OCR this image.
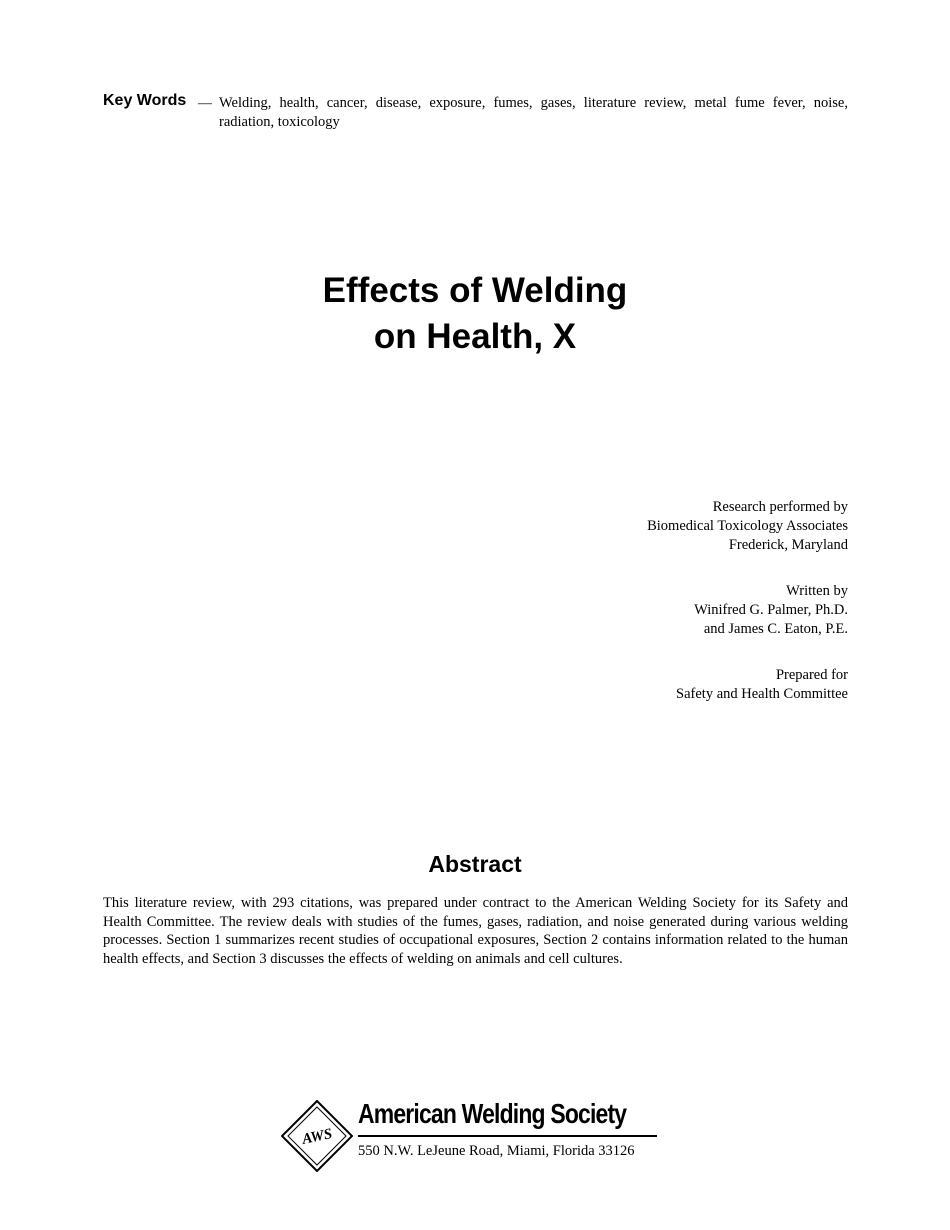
Key Words — Welding, health, cancer, disease, exposure, fumes, gases, literature review, metal fume fever, noise, radiation, toxicology
Effects of Welding
on Health, X
Research performed by
Biomedical Toxicology Associates
Frederick, Maryland
Written by
Winifred G. Palmer, Ph.D.
and James C. Eaton, P.E.
Prepared for
Safety and Health Committee
Abstract

This literature review, with 293 citations, was prepared under contract to the American Welding Society for its Safety and Health Committee. The review deals with studies of the fumes, gases, radiation, and noise generated during various welding processes. Section 1 summarizes recent studies of occupational exposures, Section 2 contains information related to the human health effects, and Section 3 discusses the effects of welding on animals and cell cultures.

AWS
American Welding Society
550 N.W. LeJeune Road, Miami, Florida 33126
